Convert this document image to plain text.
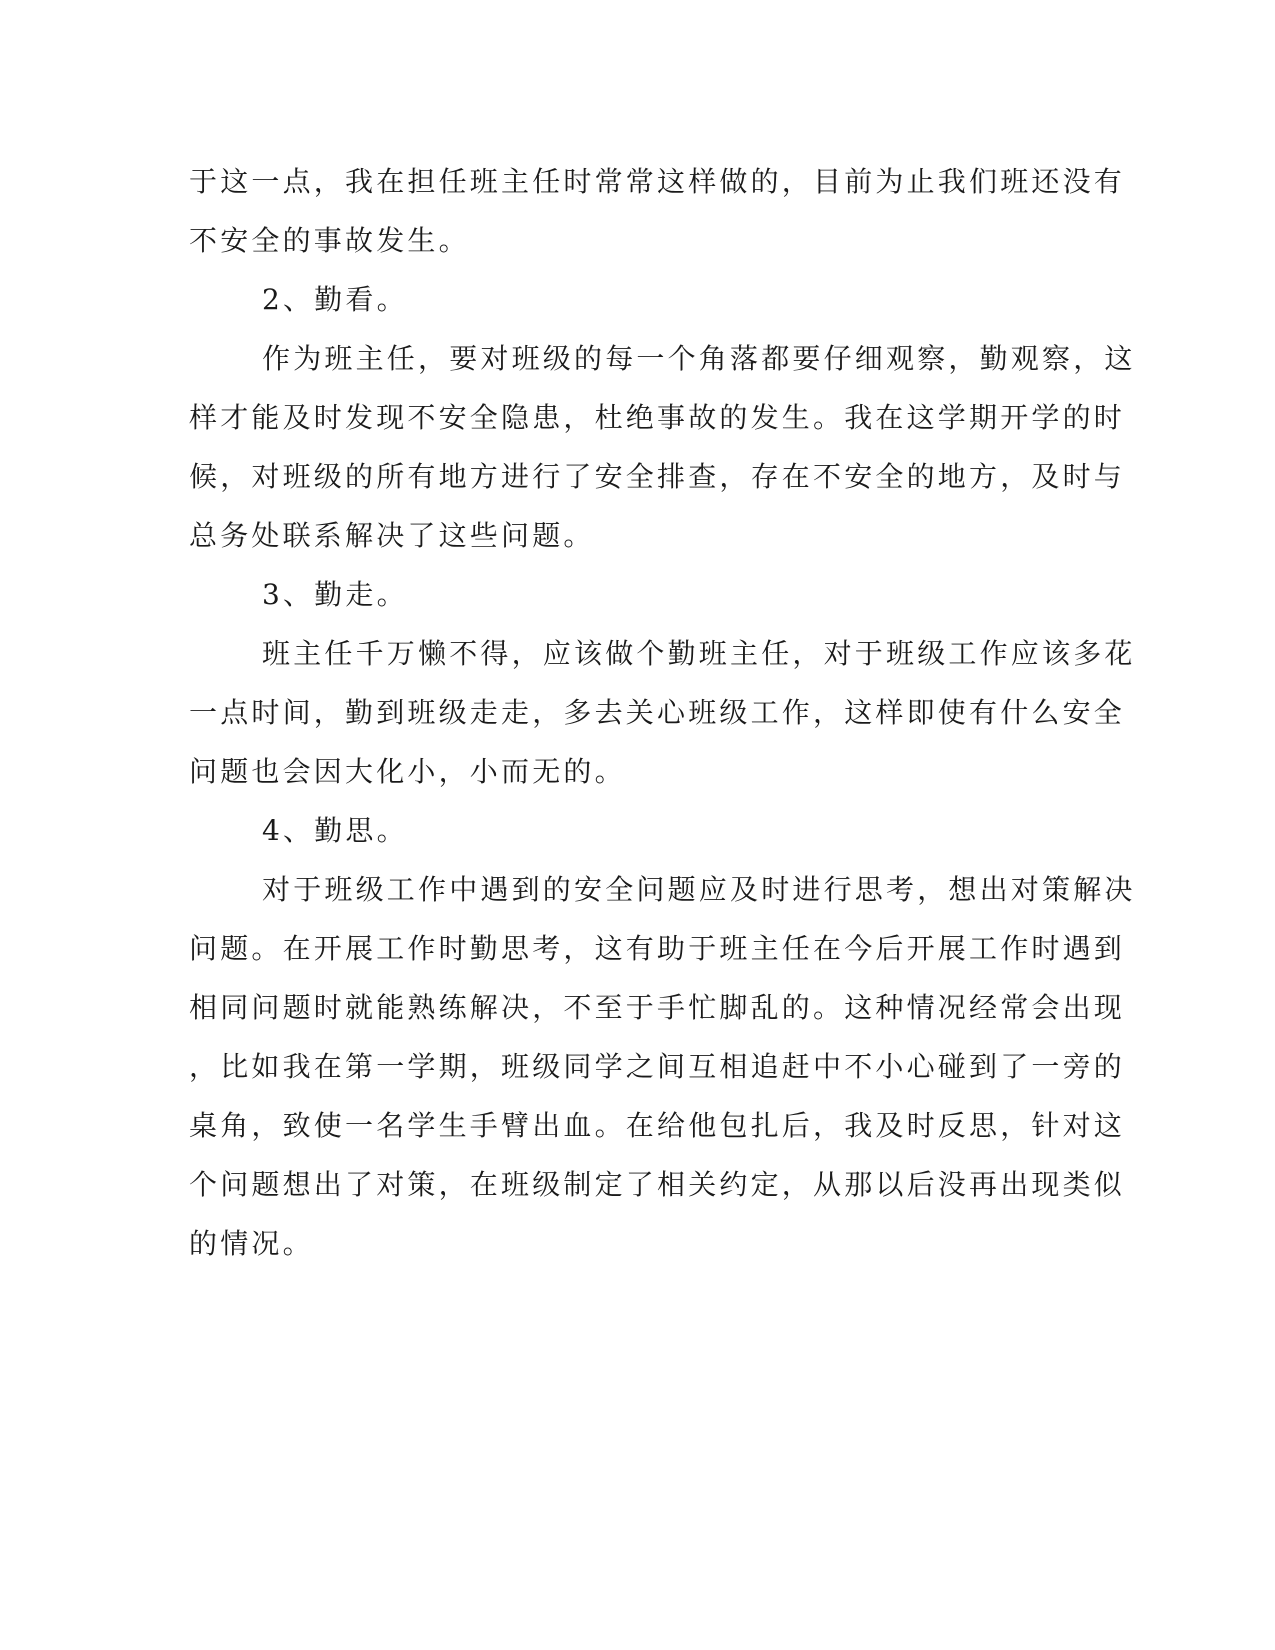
于这一点，我在担任班主任时常常这样做的，目前为止我们班还没有
不安全的事故发生。
2、勤看。
作为班主任，要对班级的每一个角落都要仔细观察，勤观察，这
样才能及时发现不安全隐患，杜绝事故的发生。我在这学期开学的时
候，对班级的所有地方进行了安全排查，存在不安全的地方，及时与
总务处联系解决了这些问题。
3、勤走。
班主任千万懒不得，应该做个勤班主任，对于班级工作应该多花
一点时间，勤到班级走走，多去关心班级工作，这样即使有什么安全
问题也会因大化小，小而无的。
4、勤思。
对于班级工作中遇到的安全问题应及时进行思考，想出对策解决
问题。在开展工作时勤思考，这有助于班主任在今后开展工作时遇到
相同问题时就能熟练解决，不至于手忙脚乱的。这种情况经常会出现
，比如我在第一学期，班级同学之间互相追赶中不小心碰到了一旁的
桌角，致使一名学生手臂出血。在给他包扎后，我及时反思，针对这
个问题想出了对策，在班级制定了相关约定，从那以后没再出现类似
的情况。
